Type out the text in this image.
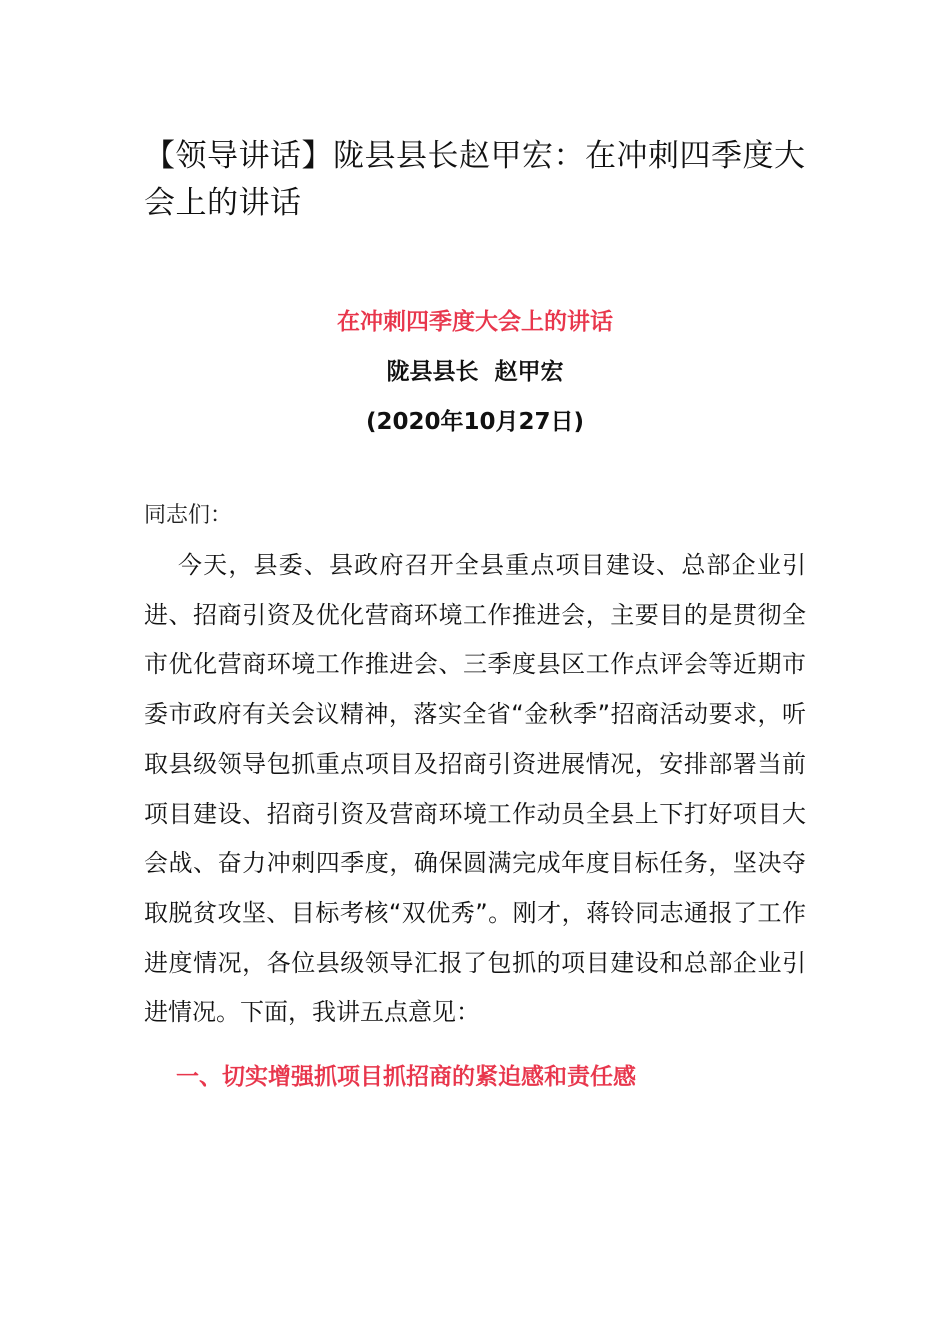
【领导讲话】陇县县长赵甲宏：在冲刺四季度大会上的讲话
在冲刺四季度大会上的讲话
陇县县长  赵甲宏
(2020年10月27日)
同志们：

今天，县委、县政府召开全县重点项目建设、总部企业引进、招商引资及优化营商环境工作推进会，主要目的是贯彻全市优化营商环境工作推进会、三季度县区工作点评会等近期市委市政府有关会议精神，落实全省“金秋季”招商活动要求，听取县级领导包抓重点项目及招商引资进展情况，安排部署当前项目建设、招商引资及营商环境工作动员全县上下打好项目大会战、奋力冲刺四季度，确保圆满完成年度目标任务，坚决夺取脱贫攻坚、目标考核“双优秀”。刚才，蒋铃同志通报了工作进度情况，各位县级领导汇报了包抓的项目建设和总部企业引进情况。下面，我讲五点意见：

一、切实增强抓项目抓招商的紧迫感和责任感
